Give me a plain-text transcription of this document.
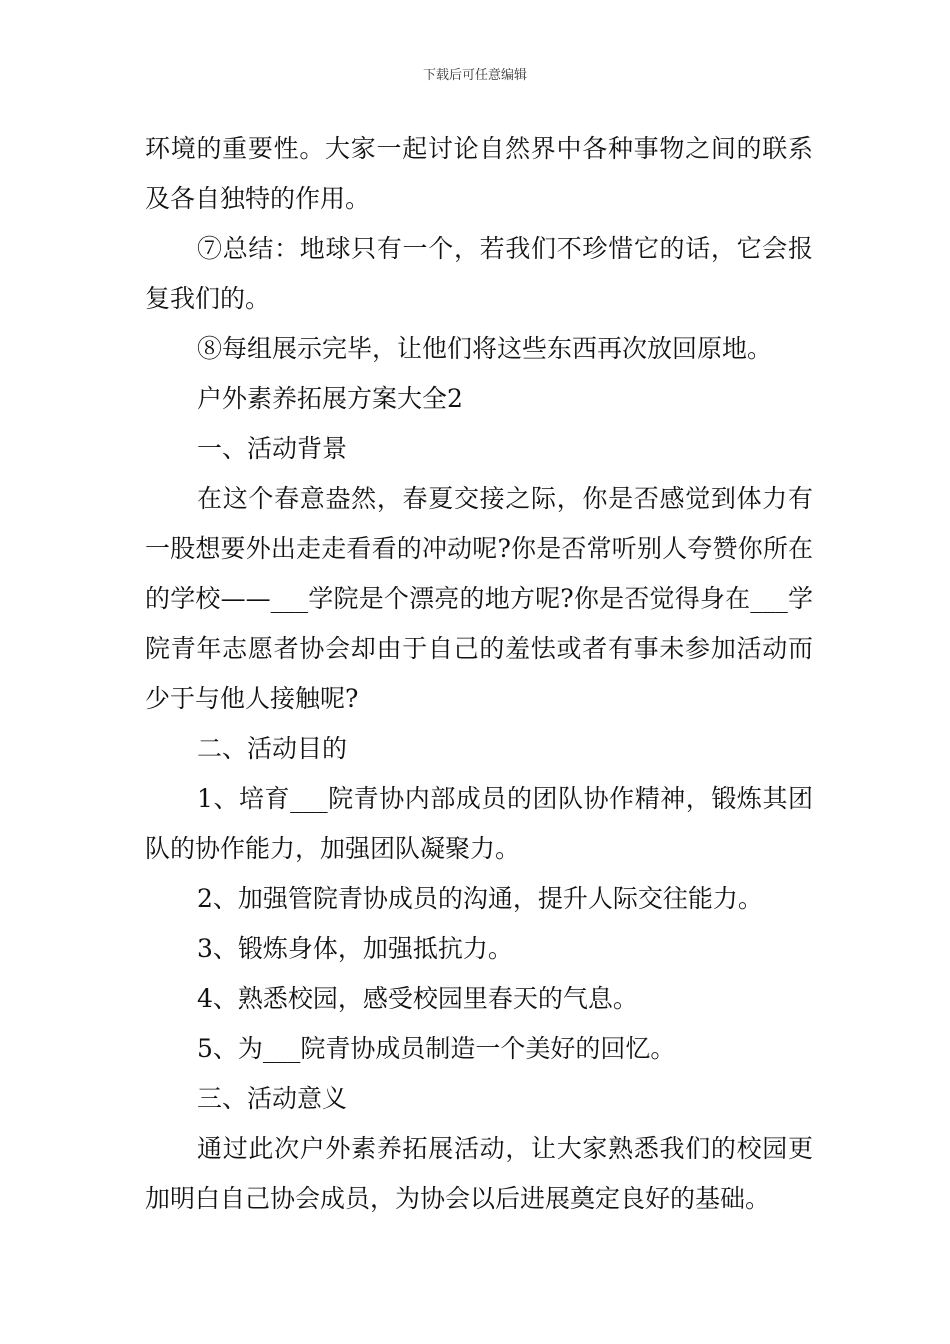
下载后可任意编辑

环境的重要性。大家一起讨论自然界中各种事物之间的联系及各自独特的作用。

⑦总结：地球只有一个，若我们不珍惜它的话，它会报复我们的。

⑧每组展示完毕，让他们将这些东西再次放回原地。

户外素养拓展方案大全2

一、活动背景

在这个春意盎然，春夏交接之际，你是否感觉到体力有一股想要外出走走看看的冲动呢?你是否常听别人夸赞你所在的学校——___学院是个漂亮的地方呢?你是否觉得身在___学院青年志愿者协会却由于自己的羞怯或者有事未参加活动而少于与他人接触呢?

二、活动目的

1、培育___院青协内部成员的团队协作精神，锻炼其团队的协作能力，加强团队凝聚力。

2、加强管院青协成员的沟通，提升人际交往能力。

3、锻炼身体，加强抵抗力。

4、熟悉校园，感受校园里春天的气息。

5、为___院青协成员制造一个美好的回忆。

三、活动意义

通过此次户外素养拓展活动，让大家熟悉我们的校园更加明白自己协会成员，为协会以后进展奠定良好的基础。
